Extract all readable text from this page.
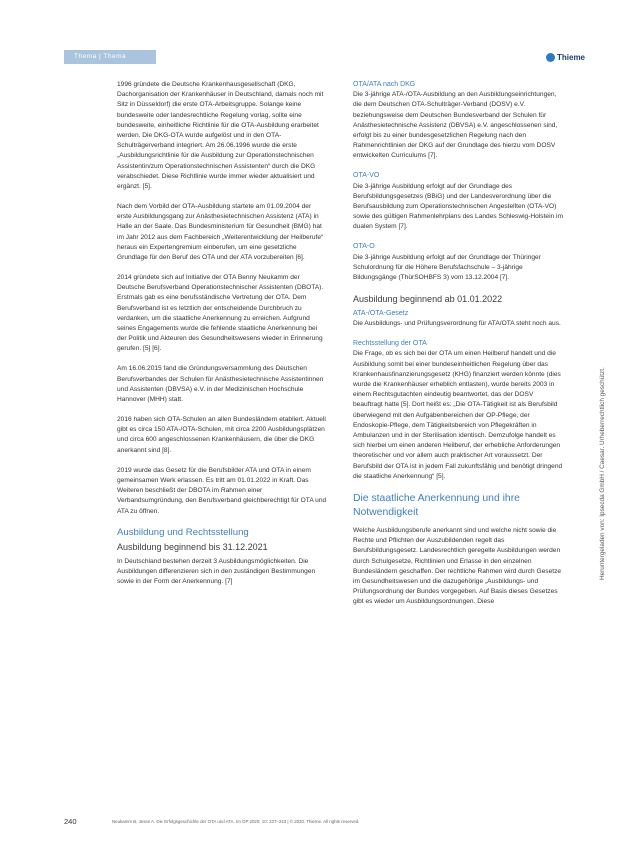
Thema | Thema	Thieme

1996 gründete die Deutsche Krankenhausgesellschaft (DKG, Dachorganisation der Krankenhäuser in Deutschland, damals noch mit Sitz in Düsseldorf) die erste OTA-Arbeitsgruppe. Solange keine bundesweite oder landesrechtliche Regelung vorlag, sollte eine bundesweite, einheitliche Richtlinie für die OTA-Ausbildung erarbeitet werden. Die DKG-OTA wurde aufgelöst und in den OTA-Schulträgerverband integriert. Am 26.06.1996 wurde die erste „Ausbildungsrichtlinie für die Ausbildung zur Operationstechnischen Assistentin/zum Operationstechnischen Assistenten“ durch die DKG verabschiedet. Diese Richtlinie wurde immer wieder aktualisiert und ergänzt. [5].

Nach dem Vorbild der OTA-Ausbildung startete am 01.09.2004 der erste Ausbildungsgang zur Anästhesietechnischen Assistenz (ATA) in Halle an der Saale. Das Bundesministerium für Gesundheit (BMG) hat im Jahr 2012 aus dem Fachbereich „Weiterentwicklung der Heilberufe“ heraus ein Expertengremium einberufen, um eine gesetzliche Grundlage für den Beruf des OTA und der ATA vorzubereiten [6].

2014 gründete sich auf Initiative der OTA Benny Neukamm der Deutsche Berufsverband Operationstechnischer Assistenten (DBOTA). Erstmals gab es eine berufsständische Vertretung der OTA. Dem Berufsverband ist es letztlich der entscheidende Durchbruch zu verdanken, um die staatliche Anerkennung zu erreichen. Aufgrund seines Engagements wurde die fehlende staatliche Anerkennung bei der Politik und Akteuren des Gesundheitswesens wieder in Erinnerung gerufen. [5] [6].

Am 16.06.2015 fand die Gründungsversammlung des Deutschen Berufsverbandes der Schulen für Anästhesietechnische Assistentinnen und Assistenten (DBVSA) e.V. in der Medizinischen Hochschule Hannover (MHH) statt.

2016 haben sich OTA-Schulen an allen Bundesländern etabliert. Aktuell gibt es circa 150 ATA-/OTA-Schulen, mit circa 2200 Ausbildungsplätzen und circa 600 angeschlossenen Krankenhäusern, die über die DKG anerkannt sind [8].

2019 wurde das Gesetz für die Berufsbilder ATA und OTA in einem gemeinsamen Werk erlassen. Es tritt am 01.01.2022 in Kraft. Das Weiteren beschließt der DBOTA im Rahmen einer Verbandsumgründung, den Berufsverband gleichberechtigt für OTA und ATA zu öffnen.

Ausbildung und Rechtsstellung
Ausbildung beginnend bis 31.12.2021

In Deutschland bestehen derzeit 3 Ausbildungsmöglichkeiten. Die Ausbildungen differenzieren sich in den zuständigen Bestimmungen sowie in der Form der Anerkennung. [7]

OTA/ATA nach DKG

Die 3-jährige ATA-/OTA-Ausbildung an den Ausbildungseinrichtungen, die dem Deutschen OTA-Schulträger-Verband (DOSV) e.V. beziehungsweise dem Deutschen Bundesverband der Schulen für Anästhesietechnische Assistenz (DBVSA) e.V. angeschlossenen sind, erfolgt bis zu einer bundesgesetzlichen Regelung nach den Rahmenrichtlinien der DKG auf der Grundlage des hierzu vom DOSV entwickelten Curriculums [7].

OTA-VO

Die 3-jährige Ausbildung erfolgt auf der Grundlage des Berufsbildungsgesetzes (BBiG) und der Landesverordnung über die Berufsausbildung zum Operationstechnischen Angestellten (OTA-VO) sowie des gültigen Rahmenlehrplans des Landes Schleswig-Holstein im dualen System [7].

OTA-O

Die 3-jährige Ausbildung erfolgt auf der Grundlage der Thüringer Schulordnung für die Höhere Berufsfachschule – 3-jährige Bildungsgänge (ThürSOHBFS 3) vom 13.12.2004 [7].

Ausbildung beginnend ab 01.01.2022
ATA-/OTA-Gesetz

Die Ausbildungs- und Prüfungsverordnung für ATA/OTA steht noch aus.

Rechtsstellung der OTA

Die Frage, ob es sich bei der OTA um einen Heilberuf handelt und die Ausbildung somit bei einer bundeseinheitlichen Regelung über das Krankenhausfinanzierungsgesetz (KHG) finanziert werden könnte (dies wurde die Krankenhäuser erheblich entlasten), wurde bereits 2003 in einem Rechtsgutachten eindeutig beantwortet, das der DOSV beauftragt hatte [5]. Dort heißt es: „Die OTA-Tätigkeit ist als Berufsbild überwiegend mit den Aufgabenbereichen der OP-Pflege, der Endoskopie-Pflege, dem Tätigkeitsbereich von Pflegekräften in Ambulanzen und in der Sterilisation identisch. Demzufolge handelt es sich hierbei um einen anderen Heilberuf, der erhebliche Anforderungen theoretischer und vor allem auch praktischer Art voraussetzt. Der Berufsbild der OTA ist in jedem Fall zukunftsfähig und benötigt dringend die staatliche Anerkennung“ [5].

Die staatliche Anerkennung und ihre Notwendigkeit

Welche Ausbildungsberufe anerkannt sind und welche nicht sowie die Rechte und Pflichten der Auszubildenden regelt das Berufsbildungsgesetz. Landesrechtlich geregelte Ausbildungen werden durch Schulgesetze, Richtlinien und Erlasse in den einzelnen Bundesländern geschaffen. Der rechtliche Rahmen wird durch Gesetze im Gesundheitswesen und die dazugehörige „Ausbildungs- und Prüfungsordnung der Bundes vorgegeben. Auf Basis dieses Gesetzes gibt es wieder um Ausbildungsordnungen. Diese

Heruntergeladen von: Ipsecda GmbH / Caesar. Urheberrechtlich geschützt.
240	Neukamm B, Jesse A. Die Erfolgsgeschichte der OTA und ATA. Im OP 2020; 10: 237–243 | © 2020. Thieme. All rights reserved.
